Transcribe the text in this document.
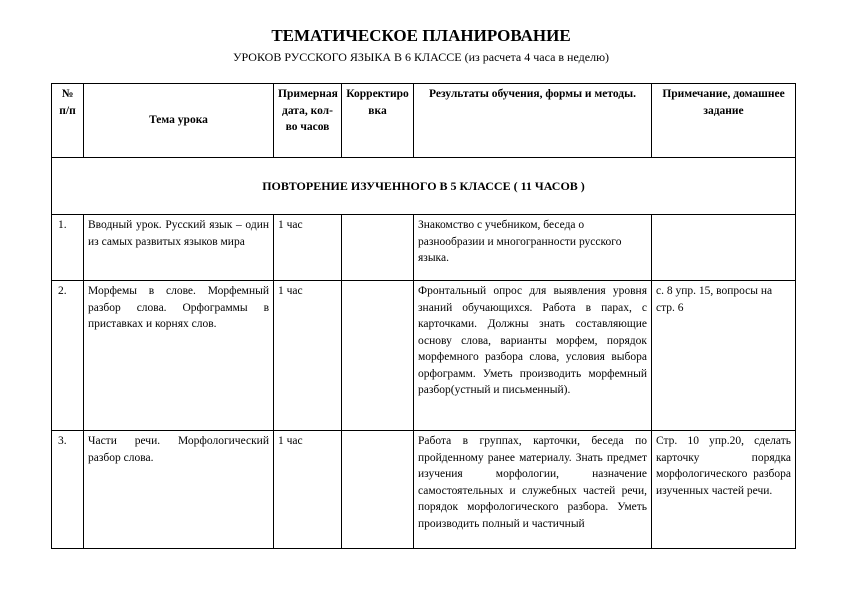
ТЕМАТИЧЕСКОЕ ПЛАНИРОВАНИЕ
УРОКОВ РУССКОГО ЯЗЫКА В 6 КЛАССЕ (из расчета 4 часа в неделю)
№ п/п	Тема урока	Примерная дата, кол-во часов	Корректировка	Результаты обучения, формы и методы.	Примечание, домашнее задание
ПОВТОРЕНИЕ ИЗУЧЕННОГО В 5 КЛАССЕ ( 11 ЧАСОВ )					
1.	Вводный урок. Русский язык – один из самых развитых языков мира	1 час		Знакомство с учебником, беседа о разнообразии и многогранности русского языка.	
2.	Морфемы в слове. Морфемный разбор слова. Орфограммы в приставках и корнях слов.	1 час		Фронтальный опрос для выявления уровня знаний обучающихся. Работа в парах, с карточками. Должны знать составляющие основу слова, варианты морфем, порядок морфемного разбора слова, условия выбора орфограмм. Уметь производить морфемный разбор(устный и письменный).	с. 8 упр. 15, вопросы на стр. 6
3.	Части речи. Морфологический разбор слова.	1 час		Работа в группах, карточки, беседа по пройденному ранее материалу. Знать предмет изучения морфологии, назначение самостоятельных и служебных частей речи, порядок морфологического разбора. Уметь производить полный и частичный	Стр. 10 упр.20, сделать карточку порядка морфологического разбора изученных частей речи.
